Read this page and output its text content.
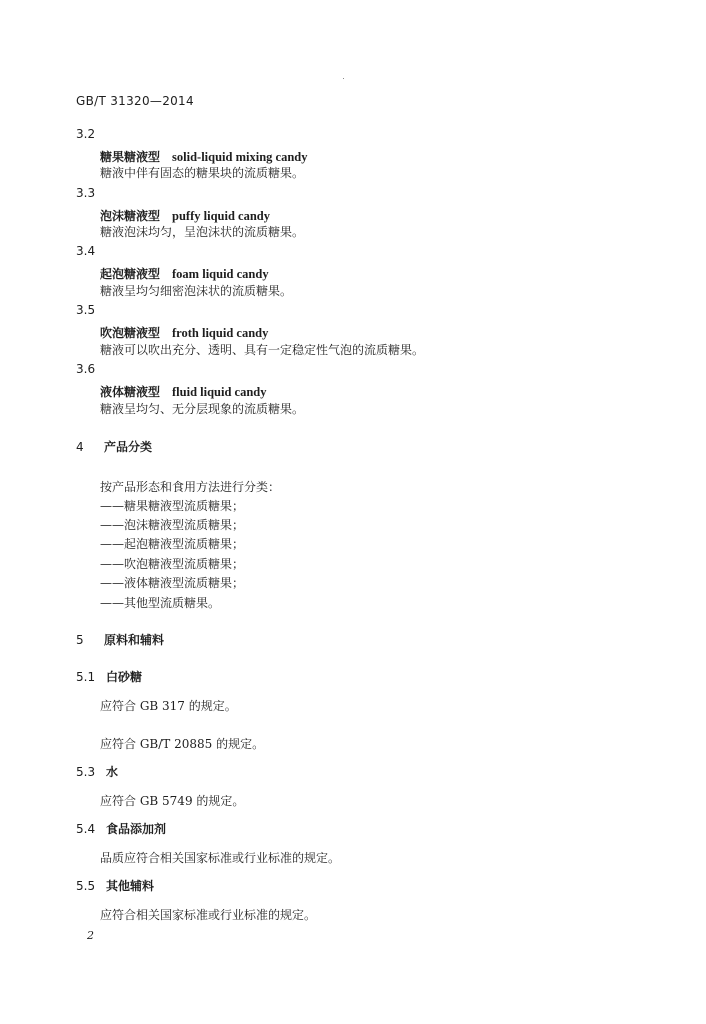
GB/T 31320—2014
3.2
糖果糖液型 solid-liquid mixing candy
糖液中伴有固态的糖果块的流质糖果。
3.3
泡沫糖液型 puffy liquid candy
糖液泡沫均匀，呈泡沫状的流质糖果。
3.4
起泡糖液型 foam liquid candy
糖液呈均匀细密泡沫状的流质糖果。
3.5
吹泡糖液型 froth liquid candy
糖液可以吹出充分、透明、具有一定稳定性气泡的流质糖果。
3.6
液体糖液型 fluid liquid candy
糖液呈均匀、无分层现象的流质糖果。
4 产品分类
按产品形态和食用方法进行分类：
——糖果糖液型流质糖果；
——泡沫糖液型流质糖果；
——起泡糖液型流质糖果；
——吹泡糖液型流质糖果；
——液体糖液型流质糖果；
——其他型流质糖果。
5 原料和辅料
5.1 白砂糖
应符合 GB 317 的规定。
应符合 GB/T 20885 的规定。
5.3 水
应符合 GB 5749 的规定。
5.4 食品添加剂
品质应符合相关国家标准或行业标准的规定。
5.5 其他辅料
应符合相关国家标准或行业标准的规定。
2
